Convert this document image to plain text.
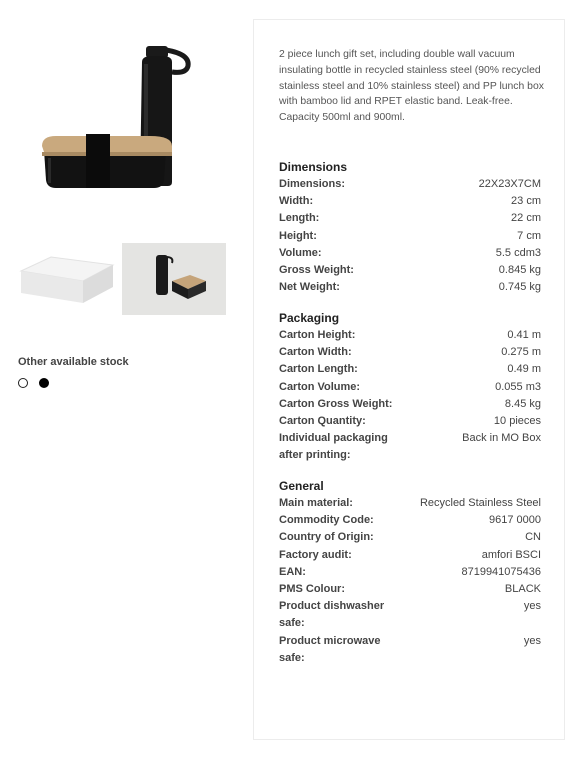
Other available stock
2 piece lunch gift set, including double wall vacuum insulating bottle in recycled stainless steel (90% recycled stainless steel and 10% stainless steel) and PP lunch box with bamboo lid and RPET elastic band. Leak-free. Capacity 500ml and 900ml.
Dimensions
Dimensions:	22X23X7CM
Width:	23 cm
Length:	22 cm
Height:	7 cm
Volume:	5.5 cdm3
Gross Weight:	0.845 kg
Net Weight:	0.745 kg
Packaging
Carton Height:	0.41 m
Carton Width:	0.275 m
Carton Length:	0.49 m
Carton Volume:	0.055 m3
Carton Gross Weight:	8.45 kg
Carton Quantity:	10 pieces
Individual packaging after printing:
Back in MO Box
General
Main material:	Recycled Stainless Steel
Commodity Code:	9617 0000
Country of Origin:	CN
Factory audit:	amfori BSCI
EAN:	8719941075436
PMS Colour:	BLACK
Product dishwasher safe:
yes
Product microwave safe:
yes
